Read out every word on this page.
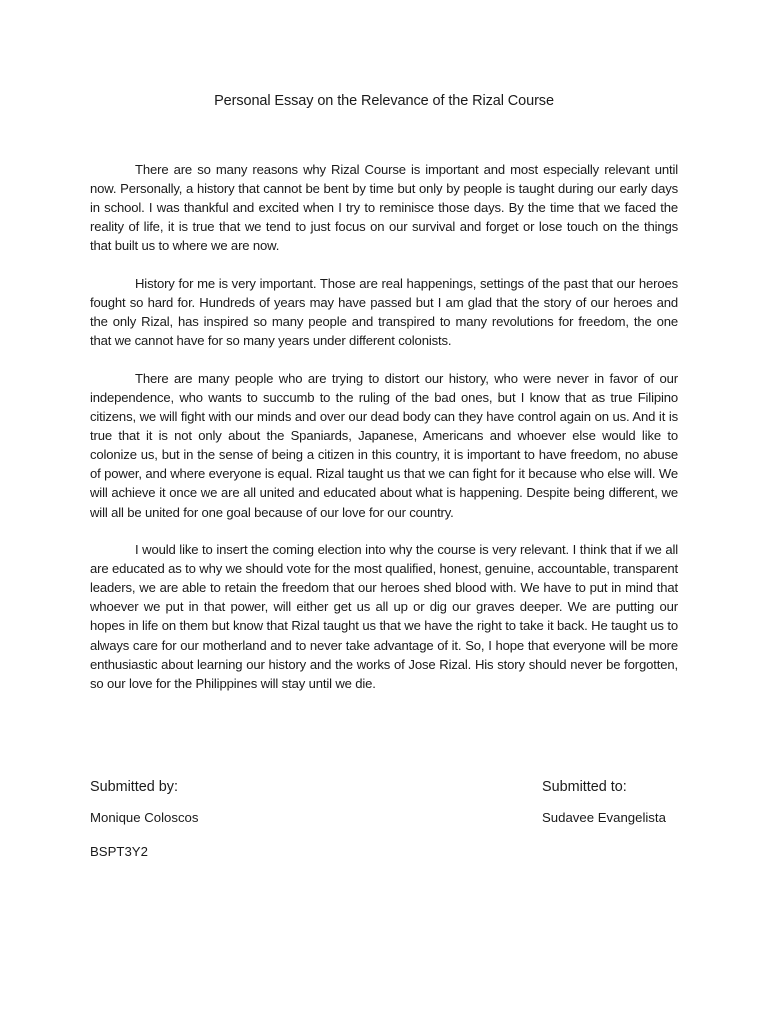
Personal Essay on the Relevance of the Rizal Course

There are so many reasons why Rizal Course is important and most especially relevant until now. Personally, a history that cannot be bent by time but only by people is taught during our early days in school. I was thankful and excited when I try to reminisce those days. By the time that we faced the reality of life, it is true that we tend to just focus on our survival and forget or lose touch on the things that built us to where we are now.

History for me is very important. Those are real happenings, settings of the past that our heroes fought so hard for. Hundreds of years may have passed but I am glad that the story of our heroes and the only Rizal, has inspired so many people and transpired to many revolutions for freedom, the one that we cannot have for so many years under different colonists.

There are many people who are trying to distort our history, who were never in favor of our independence, who wants to succumb to the ruling of the bad ones, but I know that as true Filipino citizens, we will fight with our minds and over our dead body can they have control again on us. And it is true that it is not only about the Spaniards, Japanese, Americans and whoever else would like to colonize us, but in the sense of being a citizen in this country, it is important to have freedom, no abuse of power, and where everyone is equal. Rizal taught us that we can fight for it because who else will. We will achieve it once we are all united and educated about what is happening. Despite being different, we will all be united for one goal because of our love for our country.

I would like to insert the coming election into why the course is very relevant. I think that if we all are educated as to why we should vote for the most qualified, honest, genuine, accountable, transparent leaders, we are able to retain the freedom that our heroes shed blood with. We have to put in mind that whoever we put in that power, will either get us all up or dig our graves deeper. We are putting our hopes in life on them but know that Rizal taught us that we have the right to take it back. He taught us to always care for our motherland and to never take advantage of it. So, I hope that everyone will be more enthusiastic about learning our history and the works of Jose Rizal. His story should never be forgotten, so our love for the Philippines will stay until we die.

Submitted by:
Monique Coloscos
BSPT3Y2
Submitted to:
Sudavee Evangelista
